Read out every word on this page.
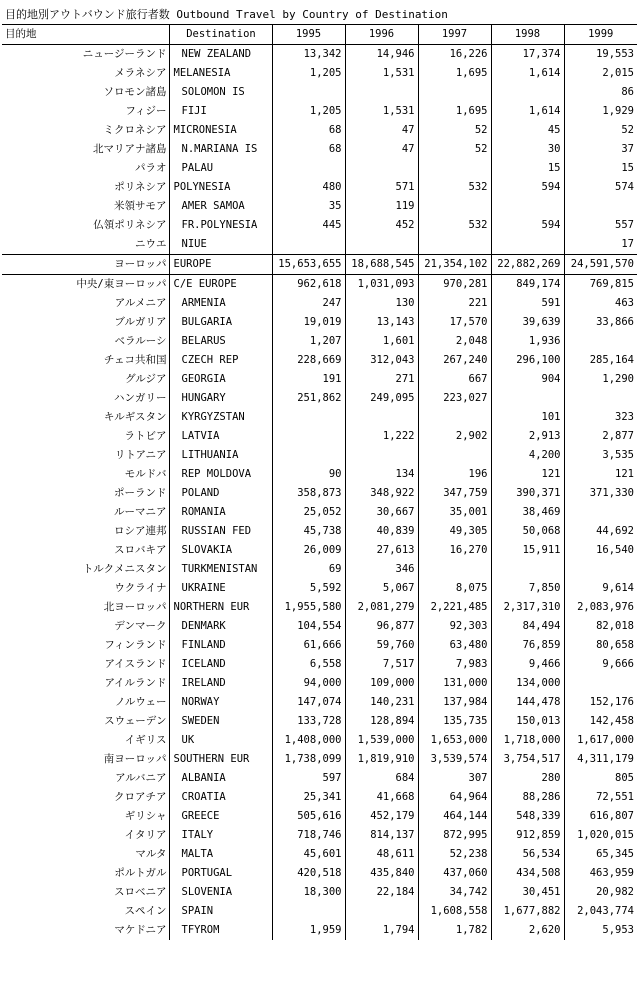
目的地別アウトバウンド旅行者数 Outbound Travel by Country of Destination
目的地	Destination	1995	1996	1997	1998	1999
ニュージーランド	NEW ZEALAND	13,342	14,946	16,226	17,374	19,553
メラネシア	MELANESIA	1,205	1,531	1,695	1,614	2,015
ソロモン諸島	SOLOMON IS					86
フィジー	FIJI	1,205	1,531	1,695	1,614	1,929
ミクロネシア	MICRONESIA	68	47	52	45	52
北マリアナ諸島	N.MARIANA IS	68	47	52	30	37
パラオ	PALAU				15	15
ポリネシア	POLYNESIA	480	571	532	594	574
米領サモア	AMER SAMOA	35	119			
仏領ポリネシア	FR.POLYNESIA	445	452	532	594	557
ニウエ	NIUE					17
ヨーロッパ	EUROPE	15,653,655	18,688,545	21,354,102	22,882,269	24,591,570
中央/東ヨーロッパ	C/E EUROPE	962,618	1,031,093	970,281	849,174	769,815
アルメニア	ARMENIA	247	130	221	591	463
ブルガリア	BULGARIA	19,019	13,143	17,570	39,639	33,866
ベラルーシ	BELARUS	1,207	1,601	2,048	1,936	
チェコ共和国	CZECH REP	228,669	312,043	267,240	296,100	285,164
グルジア	GEORGIA	191	271	667	904	1,290
ハンガリー	HUNGARY	251,862	249,095	223,027		
キルギスタン	KYRGYZSTAN				101	323
ラトビア	LATVIA		1,222	2,902	2,913	2,877
リトアニア	LITHUANIA				4,200	3,535
モルドバ	REP MOLDOVA	90	134	196	121	121
ポーランド	POLAND	358,873	348,922	347,759	390,371	371,330
ルーマニア	ROMANIA	25,052	30,667	35,001	38,469	
ロシア連邦	RUSSIAN FED	45,738	40,839	49,305	50,068	44,692
スロバキア	SLOVAKIA	26,009	27,613	16,270	15,911	16,540
トルクメニスタン	TURKMENISTAN	69	346			
ウクライナ	UKRAINE	5,592	5,067	8,075	7,850	9,614
北ヨーロッパ	NORTHERN EUR	1,955,580	2,081,279	2,221,485	2,317,310	2,083,976
デンマーク	DENMARK	104,554	96,877	92,303	84,494	82,018
フィンランド	FINLAND	61,666	59,760	63,480	76,859	80,658
アイスランド	ICELAND	6,558	7,517	7,983	9,466	9,666
アイルランド	IRELAND	94,000	109,000	131,000	134,000	
ノルウェー	NORWAY	147,074	140,231	137,984	144,478	152,176
スウェーデン	SWEDEN	133,728	128,894	135,735	150,013	142,458
イギリス	UK	1,408,000	1,539,000	1,653,000	1,718,000	1,617,000
南ヨーロッパ	SOUTHERN EUR	1,738,099	1,819,910	3,539,574	3,754,517	4,311,179
アルバニア	ALBANIA	597	684	307	280	805
クロアチア	CROATIA	25,341	41,668	64,964	88,286	72,551
ギリシャ	GREECE	505,616	452,179	464,144	548,339	616,807
イタリア	ITALY	718,746	814,137	872,995	912,859	1,020,015
マルタ	MALTA	45,601	48,611	52,238	56,534	65,345
ポルトガル	PORTUGAL	420,518	435,840	437,060	434,508	463,959
スロベニア	SLOVENIA	18,300	22,184	34,742	30,451	20,982
スペイン	SPAIN			1,608,558	1,677,882	2,043,774
マケドニア	TFYROM	1,959	1,794	1,782	2,620	5,953
